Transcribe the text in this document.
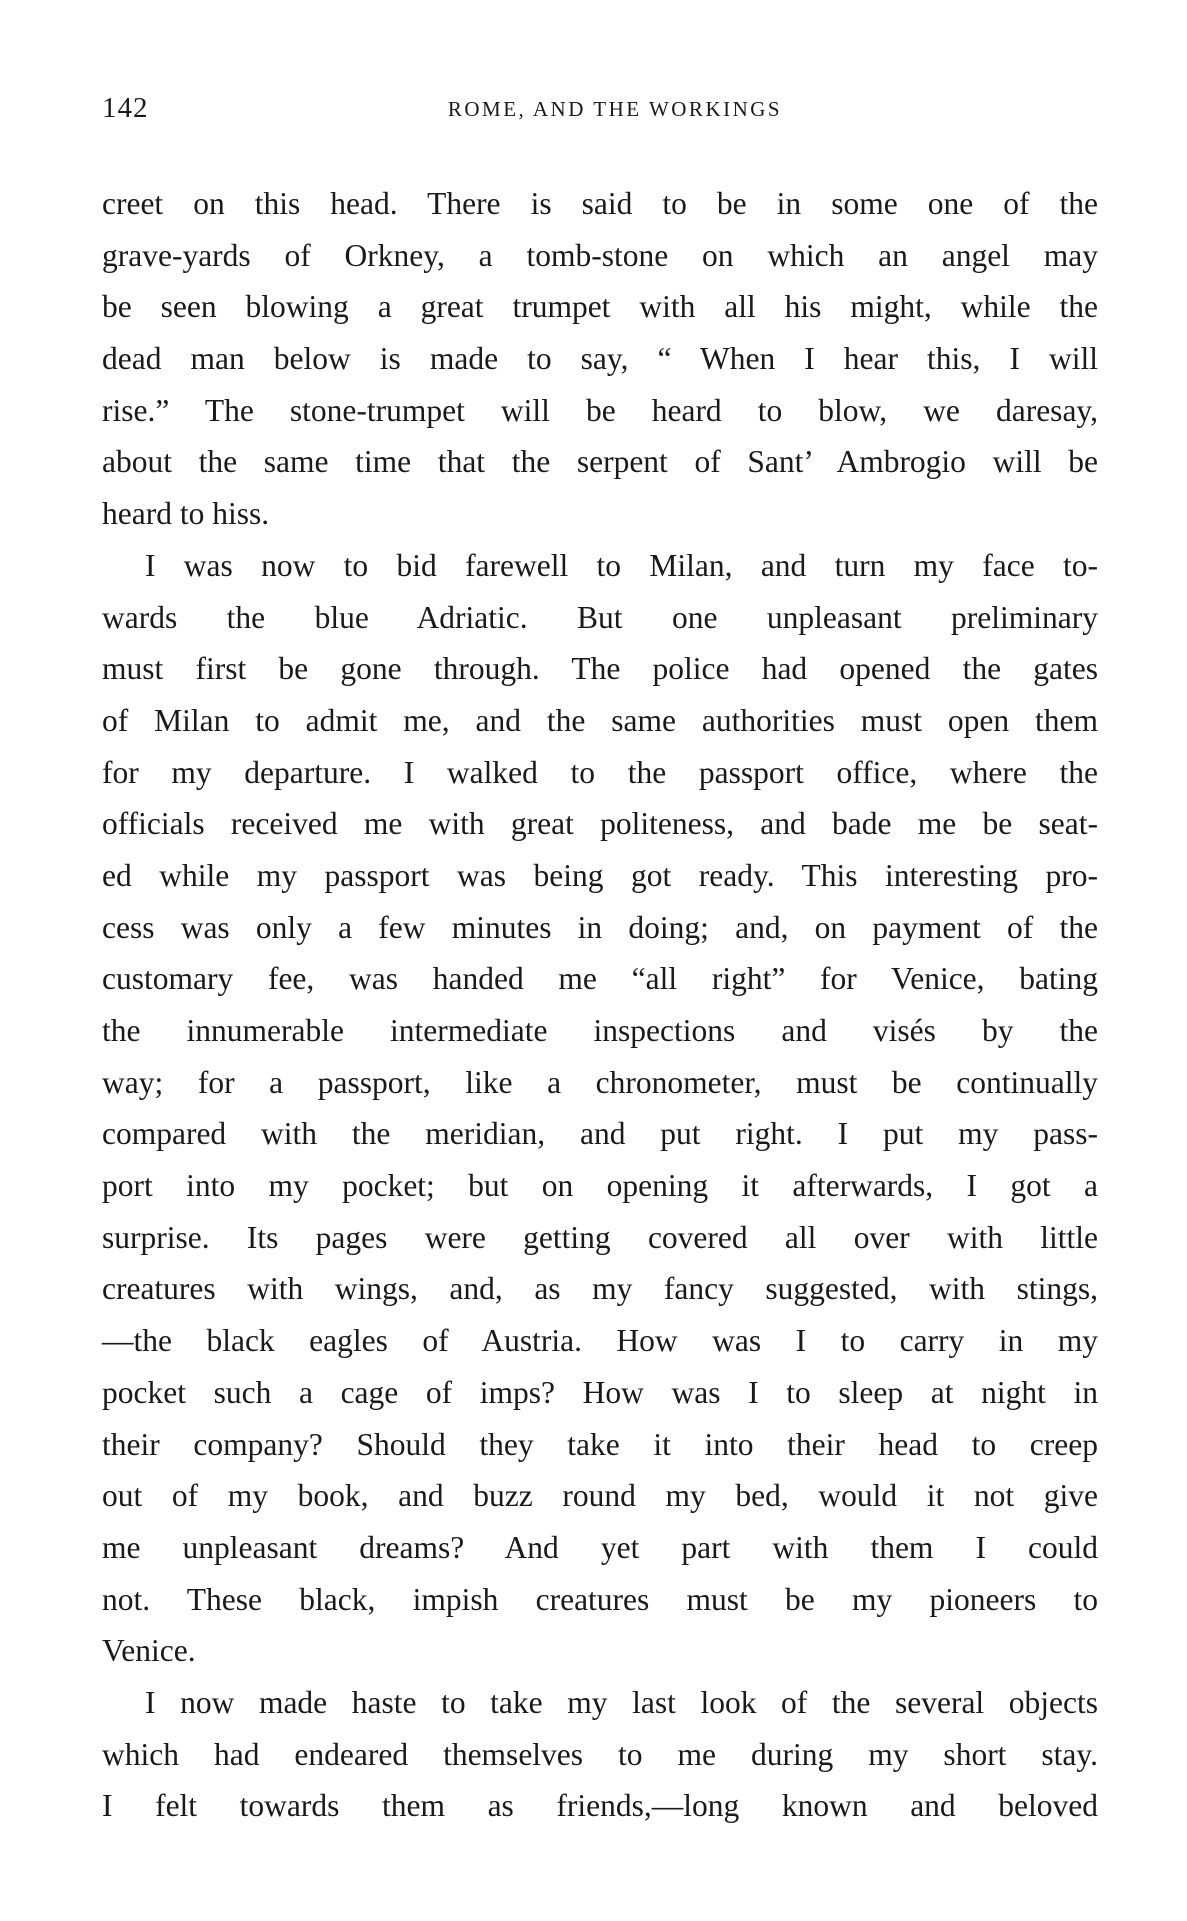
142	ROME, AND THE WORKINGS
creet on this head. There is said to be in some one of the
grave-yards of Orkney, a tomb-stone on which an angel may
be seen blowing a great trumpet with all his might, while the
dead man below is made to say, “ When I hear this, I will
rise.” The stone-trumpet will be heard to blow, we daresay,
about the same time that the serpent of Sant’ Ambrogio will be
heard to hiss.
I was now to bid farewell to Milan, and turn my face to-
wards the blue Adriatic. But one unpleasant preliminary
must first be gone through. The police had opened the gates
of Milan to admit me, and the same authorities must open them
for my departure. I walked to the passport office, where the
officials received me with great politeness, and bade me be seat-
ed while my passport was being got ready. This interesting pro-
cess was only a few minutes in doing; and, on payment of the
customary fee, was handed me “all right” for Venice, bating
the innumerable intermediate inspections and visés by the
way; for a passport, like a chronometer, must be continually
compared with the meridian, and put right. I put my pass-
port into my pocket; but on opening it afterwards, I got a
surprise. Its pages were getting covered all over with little
creatures with wings, and, as my fancy suggested, with stings,
—the black eagles of Austria. How was I to carry in my
pocket such a cage of imps? How was I to sleep at night in
their company? Should they take it into their head to creep
out of my book, and buzz round my bed, would it not give
me unpleasant dreams? And yet part with them I could
not. These black, impish creatures must be my pioneers to
Venice.
I now made haste to take my last look of the several objects
which had endeared themselves to me during my short stay.
I felt towards them as friends,—long known and beloved
